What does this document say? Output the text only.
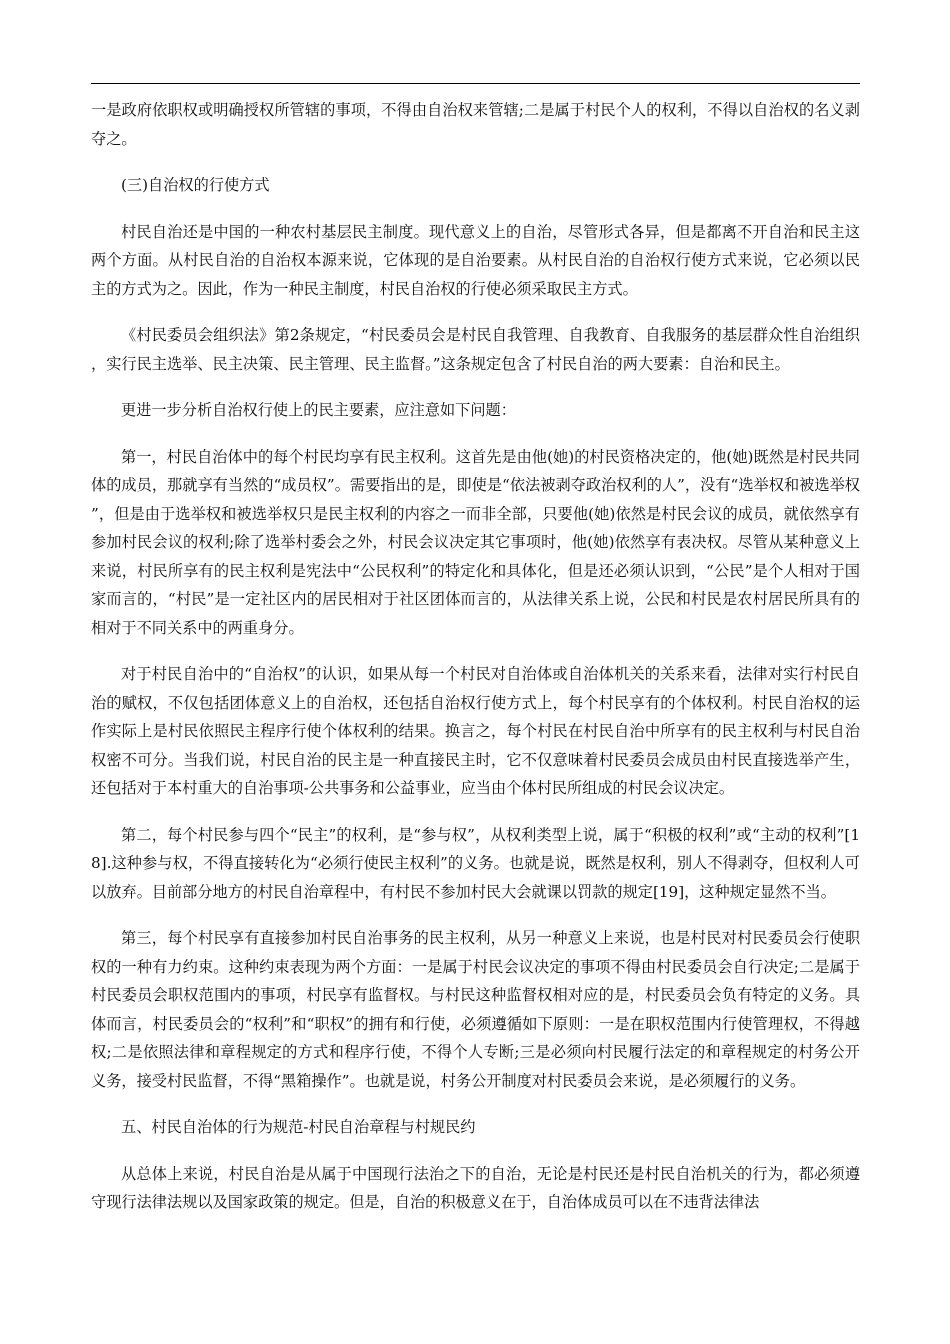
一是政府依职权或明确授权所管辖的事项，不得由自治权来管辖;二是属于村民个人的权利，不得以自治权的名义剥夺之。

(三)自治权的行使方式

村民自治还是中国的一种农村基层民主制度。现代意义上的自治，尽管形式各异，但是都离不开自治和民主这两个方面。从村民自治的自治权本源来说，它体现的是自治要素。从村民自治的自治权行使方式来说，它必须以民主的方式为之。因此，作为一种民主制度，村民自治权的行使必须采取民主方式。

《村民委员会组织法》第2条规定，“村民委员会是村民自我管理、自我教育、自我服务的基层群众性自治组织，实行民主选举、民主决策、民主管理、民主监督。”这条规定包含了村民自治的两大要素：自治和民主。

更进一步分析自治权行使上的民主要素，应注意如下问题：

第一，村民自治体中的每个村民均享有民主权利。这首先是由他(她)的村民资格决定的，他(她)既然是村民共同体的成员，那就享有当然的“成员权”。需要指出的是，即使是“依法被剥夺政治权利的人”，没有“选举权和被选举权”，但是由于选举权和被选举权只是民主权利的内容之一而非全部，只要他(她)依然是村民会议的成员，就依然享有参加村民会议的权利;除了选举村委会之外，村民会议决定其它事项时，他(她)依然享有表决权。尽管从某种意义上来说，村民所享有的民主权利是宪法中“公民权利”的特定化和具体化，但是还必须认识到，“公民”是个人相对于国家而言的，“村民”是一定社区内的居民相对于社区团体而言的，从法律关系上说，公民和村民是农村居民所具有的相对于不同关系中的两重身分。

对于村民自治中的“自治权”的认识，如果从每一个村民对自治体或自治体机关的关系来看，法律对实行村民自治的赋权，不仅包括团体意义上的自治权，还包括自治权行使方式上，每个村民享有的个体权利。村民自治权的运作实际上是村民依照民主程序行使个体权利的结果。换言之，每个村民在村民自治中所享有的民主权利与村民自治权密不可分。当我们说，村民自治的民主是一种直接民主时，它不仅意味着村民委员会成员由村民直接选举产生，还包括对于本村重大的自治事项-公共事务和公益事业，应当由个体村民所组成的村民会议决定。

第二，每个村民参与四个“民主”的权利，是“参与权”，从权利类型上说，属于“积极的权利”或“主动的权利”[18].这种参与权，不得直接转化为“必须行使民主权利”的义务。也就是说，既然是权利，别人不得剥夺，但权利人可以放弃。目前部分地方的村民自治章程中，有村民不参加村民大会就课以罚款的规定[19]，这种规定显然不当。

第三，每个村民享有直接参加村民自治事务的民主权利，从另一种意义上来说，也是村民对村民委员会行使职权的一种有力约束。这种约束表现为两个方面：一是属于村民会议决定的事项不得由村民委员会自行决定;二是属于村民委员会职权范围内的事项，村民享有监督权。与村民这种监督权相对应的是，村民委员会负有特定的义务。具体而言，村民委员会的“权利”和“职权”的拥有和行使，必须遵循如下原则：一是在职权范围内行使管理权，不得越权;二是依照法律和章程规定的方式和程序行使，不得个人专断;三是必须向村民履行法定的和章程规定的村务公开义务，接受村民监督，不得“黑箱操作”。也就是说，村务公开制度对村民委员会来说，是必须履行的义务。

五、村民自治体的行为规范-村民自治章程与村规民约

从总体上来说，村民自治是从属于中国现行法治之下的自治，无论是村民还是村民自治机关的行为，都必须遵守现行法律法规以及国家政策的规定。但是，自治的积极意义在于，自治体成员可以在不违背法律法
